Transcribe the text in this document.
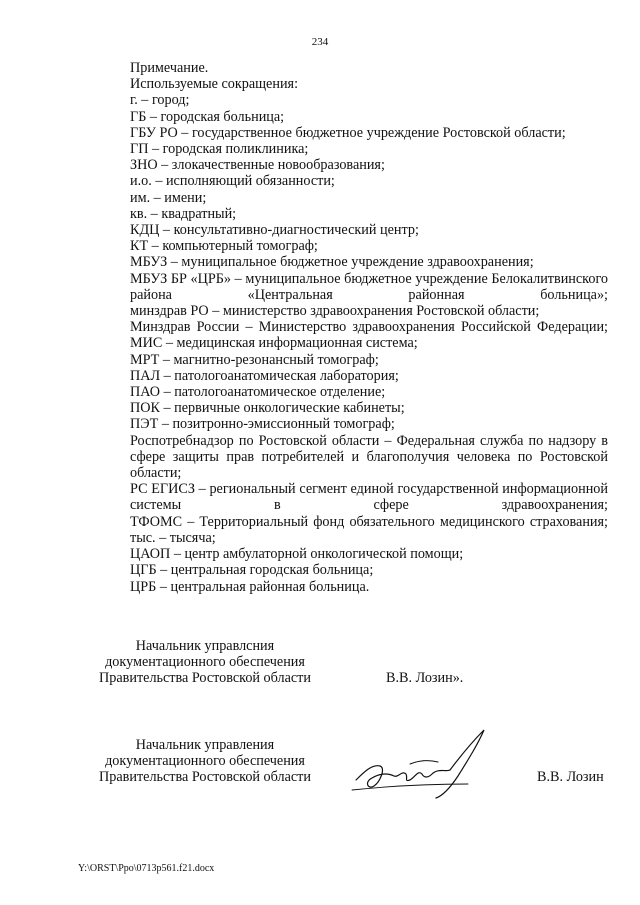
234
Примечание.
Используемые сокращения:
г. – город;
ГБ – городская больница;
ГБУ РО – государственное бюджетное учреждение Ростовской области;
ГП – городская поликлиника;
ЗНО – злокачественные новообразования;
и.о. – исполняющий обязанности;
им. – имени;
кв. – квадратный;
КДЦ – консультативно-диагностический центр;
КТ – компьютерный томограф;
МБУЗ – муниципальное бюджетное учреждение здравоохранения;
МБУЗ БР «ЦРБ» – муниципальное бюджетное учреждение Белокалитвинского района «Центральная районная больница»;
минздрав РО – министерство здравоохранения Ростовской области;
Минздрав России – Министерство здравоохранения Российской Федерации;
МИС – медицинская информационная система;
МРТ – магнитно-резонансный томограф;
ПАЛ – патологоанатомическая лаборатория;
ПАО – патологоанатомическое отделение;
ПОК – первичные онкологические кабинеты;
ПЭТ – позитронно-эмиссионный томограф;
Роспотребнадзор по Ростовской области – Федеральная служба по надзору в сфере защиты прав потребителей и благополучия человека по Ростовской области;
РС ЕГИСЗ – региональный сегмент единой государственной информационной системы в сфере здравоохранения;
ТФОМС – Территориальный фонд обязательного медицинского страхования;
тыс. – тысяча;
ЦАОП – центр амбулаторной онкологической помощи;
ЦГБ – центральная городская больница;
ЦРБ – центральная районная больница.
Начальник управлсния
документационного обеспечения
Правительства Ростовской области	В.В. Лозин».
Начальник управления
документационного обеспечения
Правительства Ростовской области	В.В. Лозин
Y:\ORST\Ppo\0713p561.f21.docx
